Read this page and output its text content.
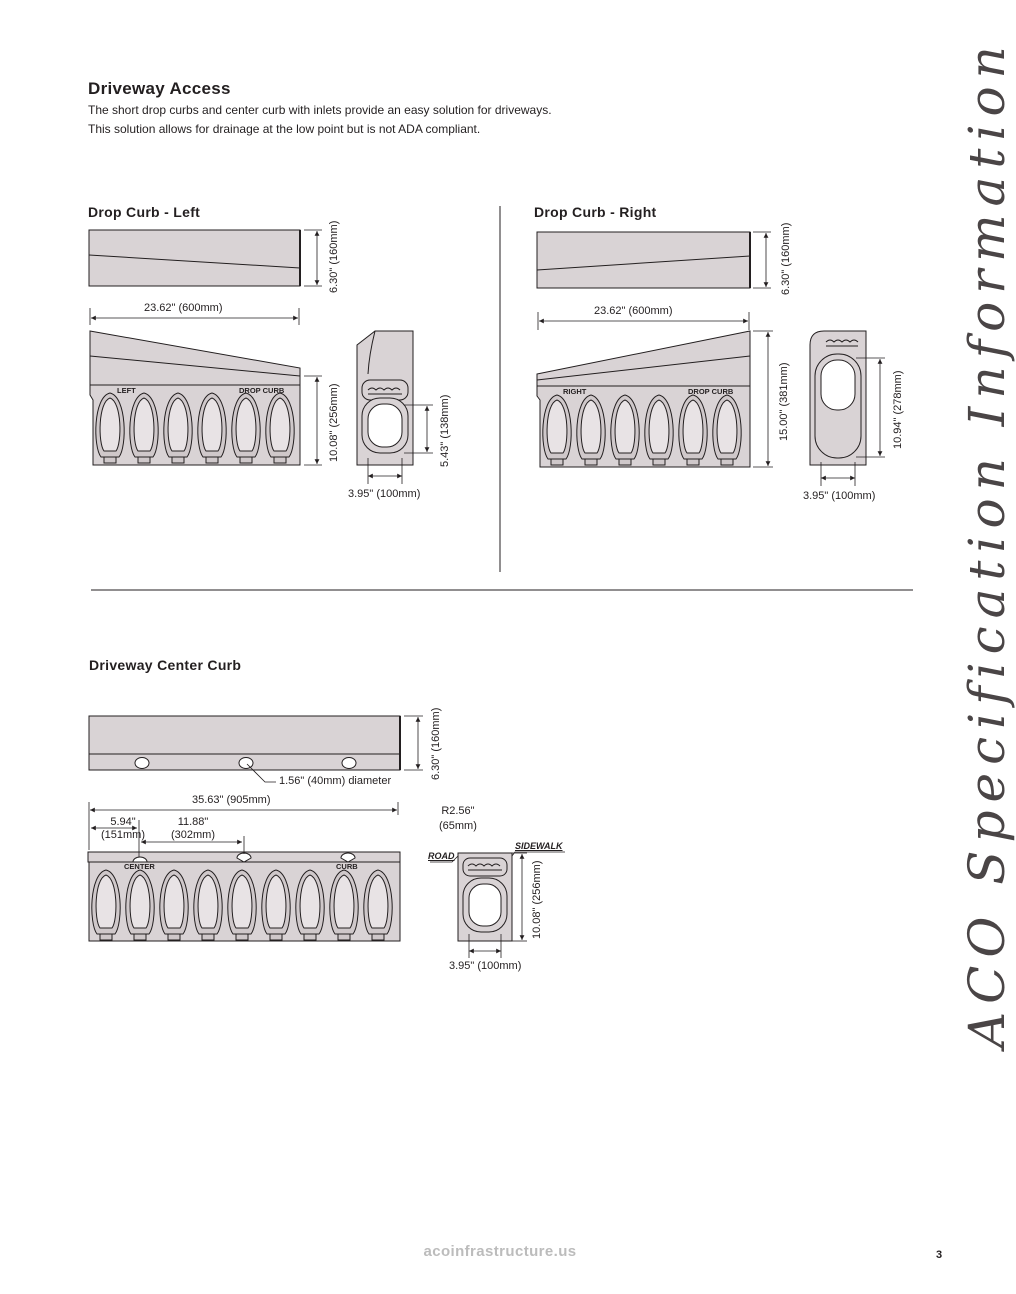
Driveway Access
The short drop curbs and center curb with inlets provide an easy solution for driveways.
This solution allows for drainage at the low point but is not ADA compliant.
Drop Curb - Left
6.30" (160mm)
23.62" (600mm)
10.08" (256mm)	5.43" (138mm)
3.95" (100mm)
LEFT	DROP CURB
Drop Curb - Right
6.30" (160mm)
23.62" (600mm)
15.00" (381mm)	10.94" (278mm)
3.95" (100mm)
RIGHT	DROP CURB
Driveway Center Curb
6.30" (160mm)
1.56" (40mm) diameter
35.63" (905mm)
5.94"
(151mm)
11.88"
(302mm)
CENTER	CURB
R2.56"
(65mm)
ROAD
SIDEWALK
10.08" (256mm)
3.95" (100mm)	ACO Specification Information
acoinfrastructure.us	3
